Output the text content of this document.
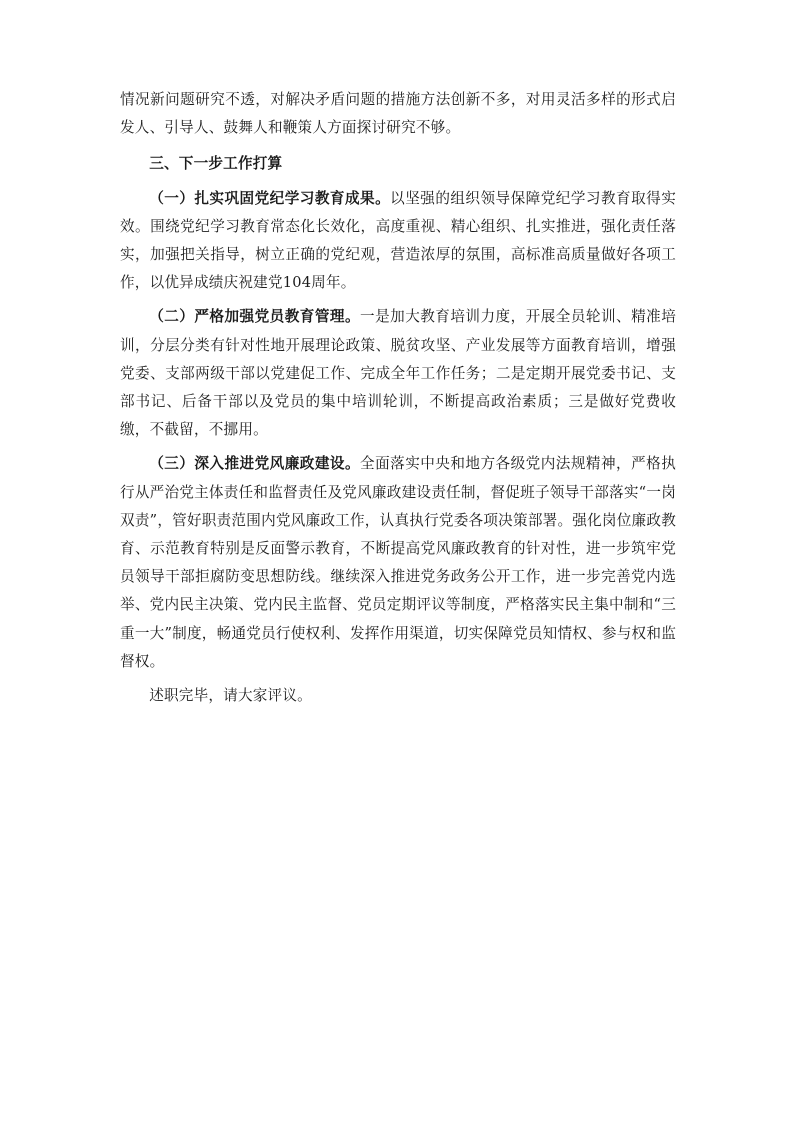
情况新问题研究不透，对解决矛盾问题的措施方法创新不多，对用灵活多样的形式启发人、引导人、鼓舞人和鞭策人方面探讨研究不够。

三、下一步工作打算

（一）扎实巩固党纪学习教育成果。以坚强的组织领导保障党纪学习教育取得实效。围绕党纪学习教育常态化长效化，高度重视、精心组织、扎实推进，强化责任落实，加强把关指导，树立正确的党纪观，营造浓厚的氛围，高标准高质量做好各项工作，以优异成绩庆祝建党104周年。

（二）严格加强党员教育管理。一是加大教育培训力度，开展全员轮训、精准培训，分层分类有针对性地开展理论政策、脱贫攻坚、产业发展等方面教育培训，增强党委、支部两级干部以党建促工作、完成全年工作任务；二是定期开展党委书记、支部书记、后备干部以及党员的集中培训轮训，不断提高政治素质；三是做好党费收缴，不截留，不挪用。

（三）深入推进党风廉政建设。全面落实中央和地方各级党内法规精神，严格执行从严治党主体责任和监督责任及党风廉政建设责任制，督促班子领导干部落实“一岗双责”，管好职责范围内党风廉政工作，认真执行党委各项决策部署。强化岗位廉政教育、示范教育特别是反面警示教育，不断提高党风廉政教育的针对性，进一步筑牢党员领导干部拒腐防变思想防线。继续深入推进党务政务公开工作，进一步完善党内选举、党内民主决策、党内民主监督、党员定期评议等制度，严格落实民主集中制和“三重一大”制度，畅通党员行使权利、发挥作用渠道，切实保障党员知情权、参与权和监督权。

述职完毕，请大家评议。
